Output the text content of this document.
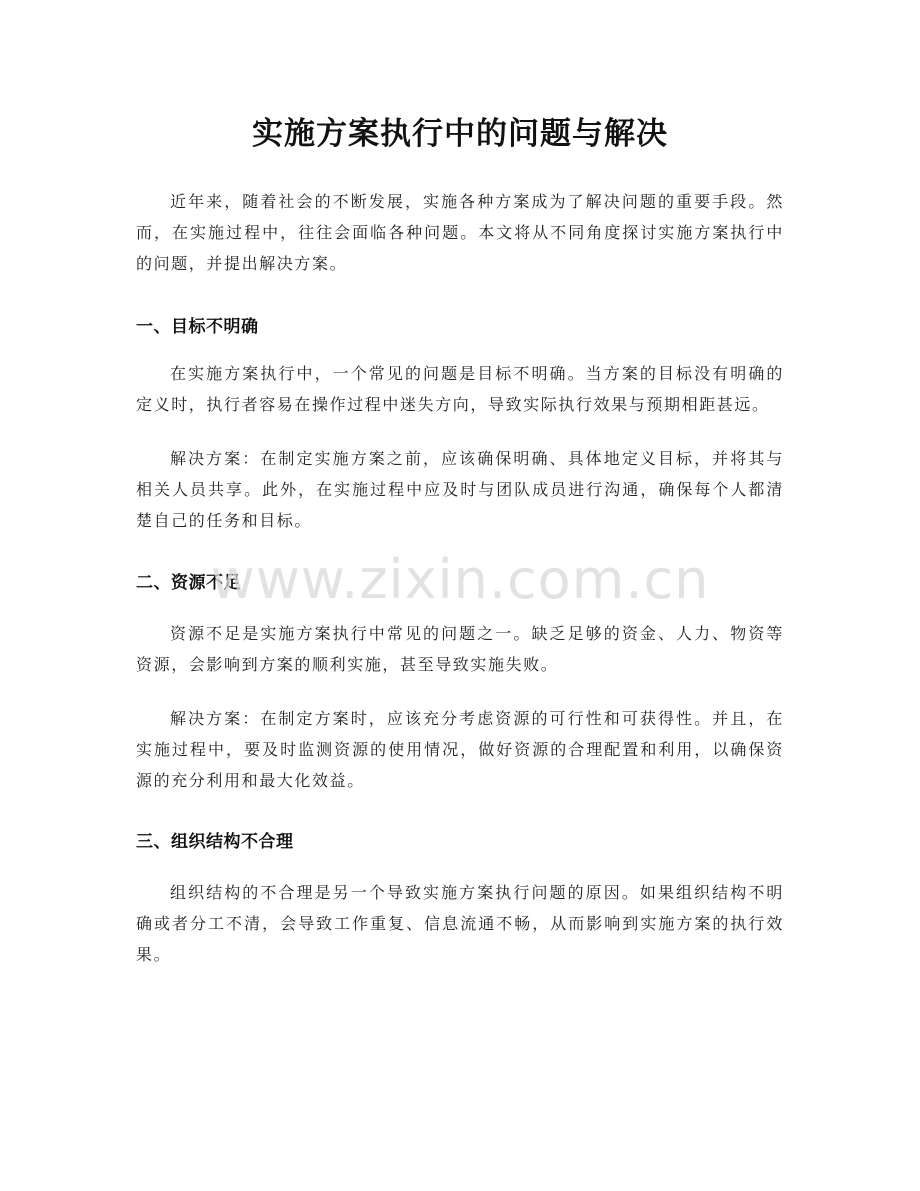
实施方案执行中的问题与解决

近年来，随着社会的不断发展，实施各种方案成为了解决问题的重要手段。然而，在实施过程中，往往会面临各种问题。本文将从不同角度探讨实施方案执行中的问题，并提出解决方案。

一、目标不明确

在实施方案执行中，一个常见的问题是目标不明确。当方案的目标没有明确的定义时，执行者容易在操作过程中迷失方向，导致实际执行效果与预期相距甚远。

解决方案：在制定实施方案之前，应该确保明确、具体地定义目标，并将其与相关人员共享。此外，在实施过程中应及时与团队成员进行沟通，确保每个人都清楚自己的任务和目标。

二、资源不足

资源不足是实施方案执行中常见的问题之一。缺乏足够的资金、人力、物资等资源，会影响到方案的顺利实施，甚至导致实施失败。

解决方案：在制定方案时，应该充分考虑资源的可行性和可获得性。并且，在实施过程中，要及时监测资源的使用情况，做好资源的合理配置和利用，以确保资源的充分利用和最大化效益。

三、组织结构不合理

组织结构的不合理是另一个导致实施方案执行问题的原因。如果组织结构不明确或者分工不清，会导致工作重复、信息流通不畅，从而影响到实施方案的执行效果。

www.zixin.com.cn
